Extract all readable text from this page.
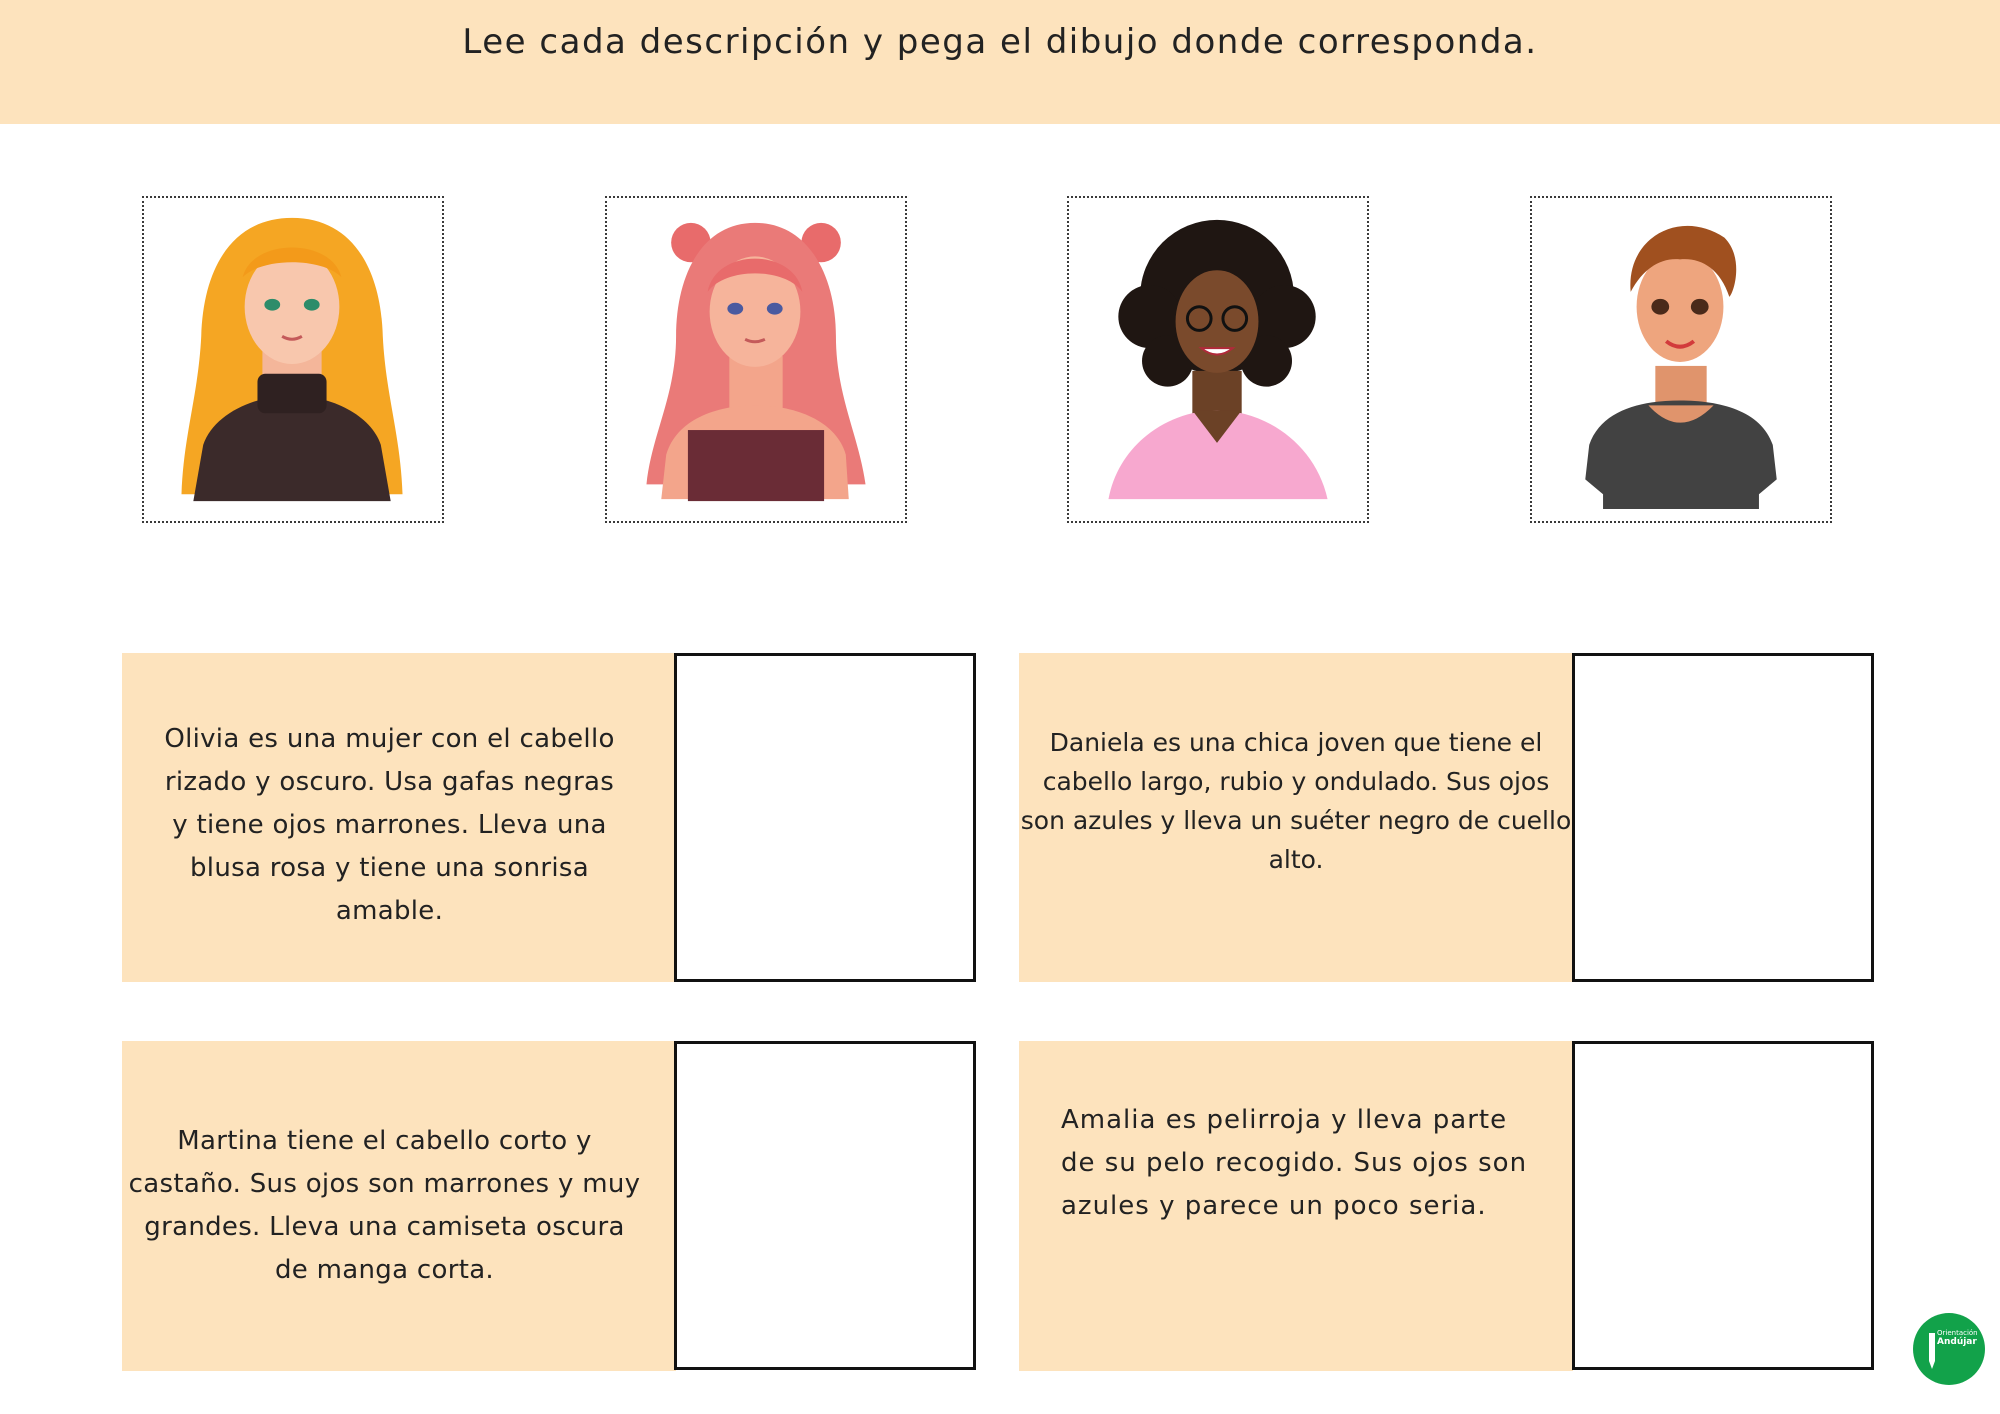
Lee cada descripción y pega el dibujo donde corresponda.
Olivia es una mujer con el cabello
rizado y oscuro. Usa gafas negras
y tiene ojos marrones. Lleva una
blusa rosa y tiene una sonrisa
amable.
Daniela es una chica joven que tiene el
cabello largo, rubio y ondulado. Sus ojos
son azules y lleva un suéter negro de cuello
alto.
Martina tiene el cabello corto y
castaño. Sus ojos son marrones y muy
grandes. Lleva una camiseta oscura
de manga corta.
Amalia es pelirroja y lleva parte
de su pelo recogido. Sus ojos son
azules y parece un poco seria.
Orientación
Andújar
